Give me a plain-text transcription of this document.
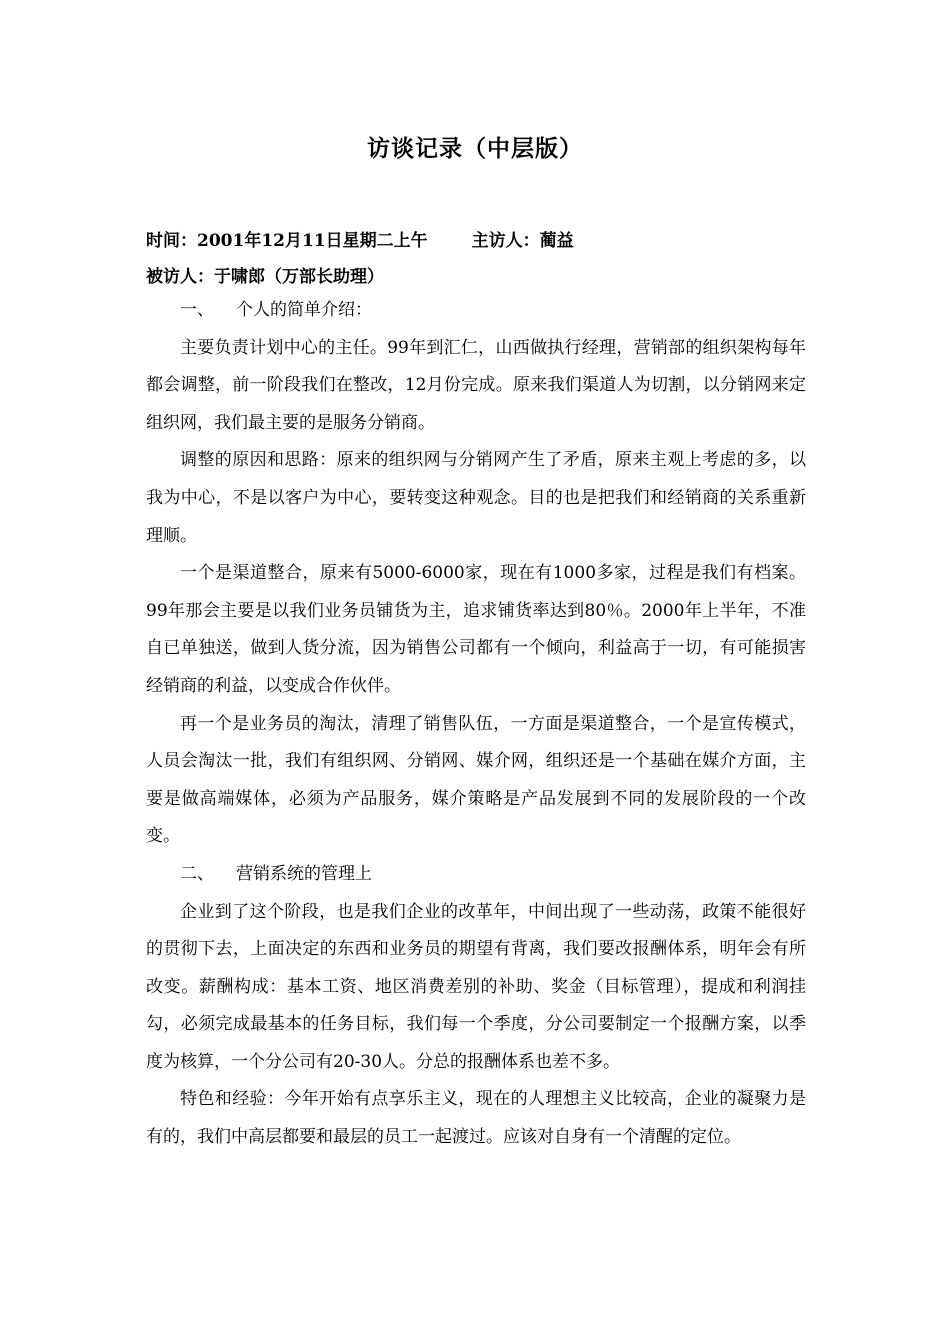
访谈记录（中层版）
时间：2001年12月11日星期二上午	主访人：蔺益
被访人：于啸郎（万部长助理）
一、 个人的简单介绍：

主要负责计划中心的主任。99年到汇仁，山西做执行经理，营销部的组织架构每年都会调整，前一阶段我们在整改，12月份完成。原来我们渠道人为切割，以分销网来定组织网，我们最主要的是服务分销商。

调整的原因和思路：原来的组织网与分销网产生了矛盾，原来主观上考虑的多，以我为中心，不是以客户为中心，要转变这种观念。目的也是把我们和经销商的关系重新理顺。

一个是渠道整合，原来有5000-6000家，现在有1000多家，过程是我们有档案。99年那会主要是以我们业务员铺货为主，追求铺货率达到80％。2000年上半年，不准自已单独送，做到人货分流，因为销售公司都有一个倾向，利益高于一切，有可能损害经销商的利益，以变成合作伙伴。

再一个是业务员的淘汰，清理了销售队伍，一方面是渠道整合，一个是宣传模式，人员会淘汰一批，我们有组织网、分销网、媒介网，组织还是一个基础在媒介方面，主要是做高端媒体，必须为产品服务，媒介策略是产品发展到不同的发展阶段的一个改变。

二、 营销系统的管理上

企业到了这个阶段，也是我们企业的改革年，中间出现了一些动荡，政策不能很好的贯彻下去，上面决定的东西和业务员的期望有背离，我们要改报酬体系，明年会有所改变。薪酬构成：基本工资、地区消费差别的补助、奖金（目标管理），提成和利润挂勾，必须完成最基本的任务目标，我们每一个季度，分公司要制定一个报酬方案，以季度为核算，一个分公司有20-30人。分总的报酬体系也差不多。

特色和经验：今年开始有点享乐主义，现在的人理想主义比较高，企业的凝聚力是有的，我们中高层都要和最层的员工一起渡过。应该对自身有一个清醒的定位。
